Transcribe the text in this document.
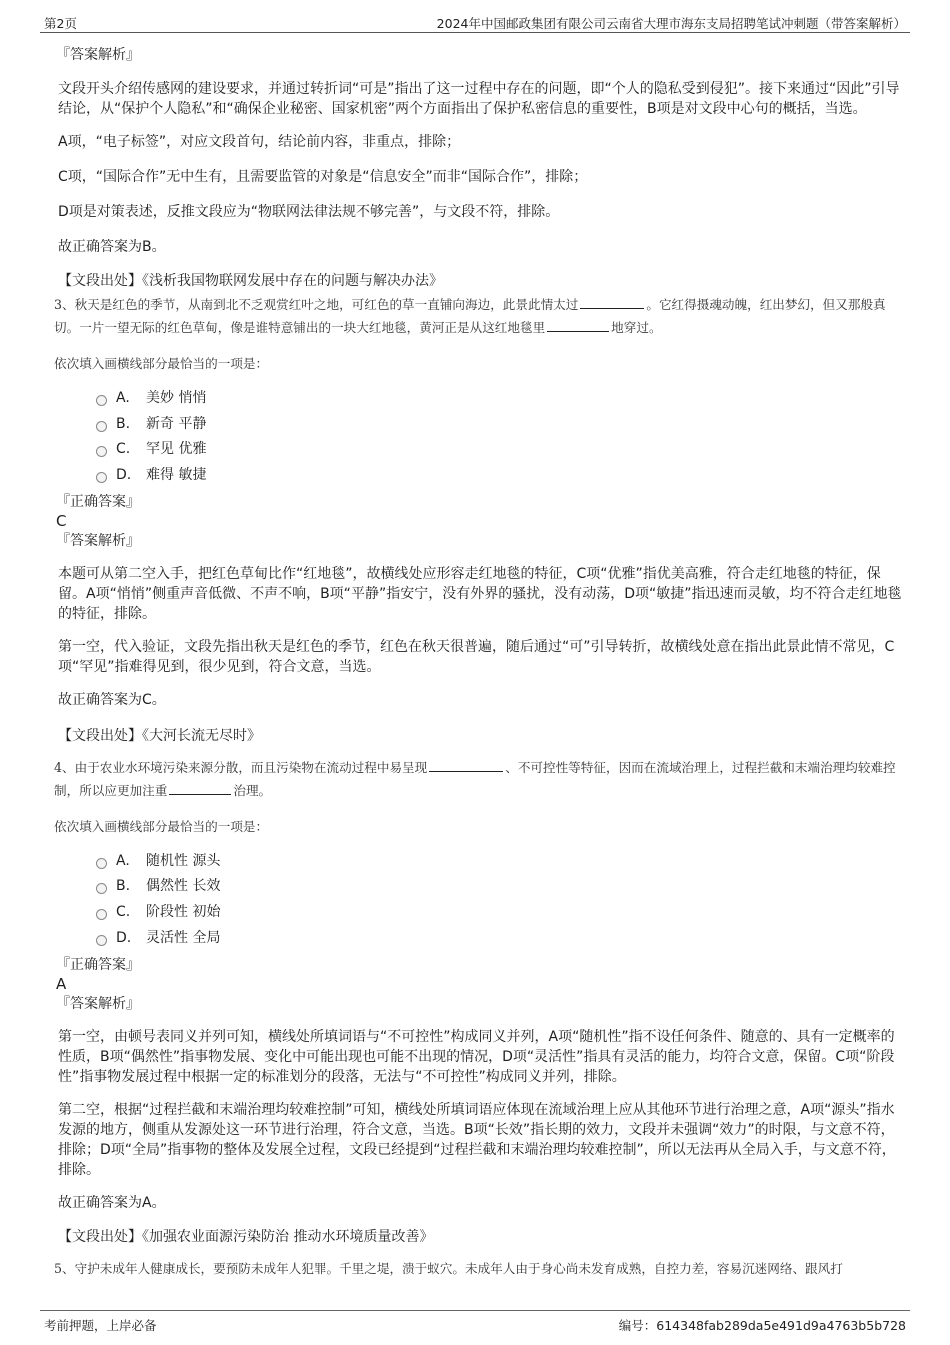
第2页	2024年中国邮政集团有限公司云南省大理市海东支局招聘笔试冲刺题（带答案解析）

『答案解析』

文段开头介绍传感网的建设要求，并通过转折词“可是”指出了这一过程中存在的问题，即“个人的隐私受到侵犯”。接下来通过“因此”引导结论，从“保护个人隐私”和“确保企业秘密、国家机密”两个方面指出了保护私密信息的重要性，B项是对文段中心句的概括，当选。

A项，“电子标签”，对应文段首句，结论前内容，非重点，排除；

C项，“国际合作”无中生有，且需要监管的对象是“信息安全”而非“国际合作”，排除；

D项是对策表述，反推文段应为“物联网法律法规不够完善”，与文段不符，排除。

故正确答案为B。

【文段出处】《浅析我国物联网发展中存在的问题与解决办法》

3、秋天是红色的季节，从南到北不乏观赏红叶之地，可红色的草一直铺向海边，此景此情太过	。它红得摄魂动魄，红出梦幻，但又那般真切。一片一望无际的红色草甸，像是谁特意铺出的一块大红地毯，黄河正是从这红地毯里	地穿过。

依次填入画横线部分最恰当的一项是：

A. 美妙 悄悄
B. 新奇 平静
C. 罕见 优雅
D. 难得 敏捷

『正确答案』

C

『答案解析』

本题可从第二空入手，把红色草甸比作“红地毯”，故横线处应形容走红地毯的特征，C项“优雅”指优美高雅，符合走红地毯的特征，保留。A项“悄悄”侧重声音低微、不声不响，B项“平静”指安宁，没有外界的骚扰，没有动荡，D项“敏捷”指迅速而灵敏，均不符合走红地毯的特征，排除。

第一空，代入验证，文段先指出秋天是红色的季节，红色在秋天很普遍，随后通过“可”引导转折，故横线处意在指出此景此情不常见，C项“罕见”指难得见到，很少见到，符合文意，当选。

故正确答案为C。

【文段出处】《大河长流无尽时》

4、由于农业水环境污染来源分散，而且污染物在流动过程中易呈现	、不可控性等特征，因而在流域治理上，过程拦截和末端治理均较难控制，所以应更加注重	治理。

依次填入画横线部分最恰当的一项是：

A. 随机性 源头
B. 偶然性 长效
C. 阶段性 初始
D. 灵活性 全局

『正确答案』

A

『答案解析』

第一空，由顿号表同义并列可知，横线处所填词语与“不可控性”构成同义并列，A项“随机性”指不设任何条件、随意的、具有一定概率的性质，B项“偶然性”指事物发展、变化中可能出现也可能不出现的情况，D项“灵活性”指具有灵活的能力，均符合文意，保留。C项“阶段性”指事物发展过程中根据一定的标准划分的段落，无法与“不可控性”构成同义并列，排除。

第二空，根据“过程拦截和末端治理均较难控制”可知，横线处所填词语应体现在流域治理上应从其他环节进行治理之意，A项“源头”指水发源的地方，侧重从发源处这一环节进行治理，符合文意，当选。B项“长效”指长期的效力，文段并未强调“效力”的时限，与文意不符，排除；D项“全局”指事物的整体及发展全过程，文段已经提到“过程拦截和末端治理均较难控制”，所以无法再从全局入手，与文意不符，排除。

故正确答案为A。

【文段出处】《加强农业面源污染防治 推动水环境质量改善》

5、守护未成年人健康成长，要预防未成年人犯罪。千里之堤，溃于蚁穴。未成年人由于身心尚未发育成熟，自控力差，容易沉迷网络、跟风打

考前押题，上岸必备	编号：614348fab289da5e491d9a4763b5b728
